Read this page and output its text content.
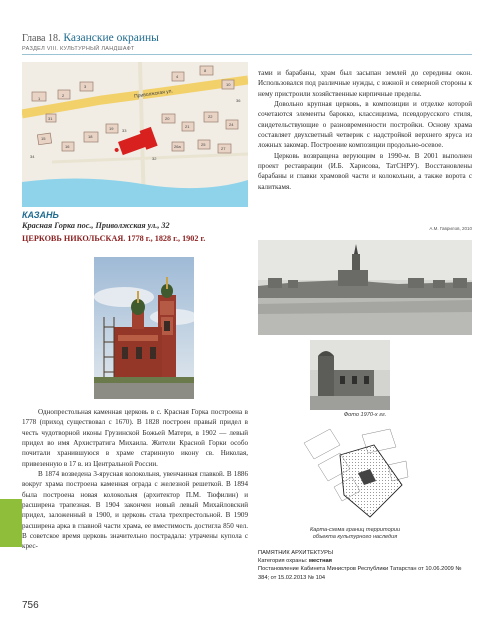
Глава 18. Казанские окраины
РАЗДЕЛ VIII. КУЛЬТУРНЫЙ ЛАНДШАФТ
Приволжская ул.
1
2
3
4
8
10
15
16
18
19
20
21
22
24
26а	25
27
31
32
33
34
36
КАЗАНЬ
Красная Горка пос., Приволжская ул., 32
ЦЕРКОВЬ НИКОЛЬСКАЯ. 1778 г., 1828 г., 1902 г.

Однопрестольная каменная церковь в с. Красная Горка построена в 1778 (приход существовал с 1670). В 1828 построен правый придел в честь чудотворной иконы Грузинской Божьей Матери, в 1902 — левый придел во имя Архистратига Михаила. Жители Красной Горки особо почитали хранившуюся в храме старинную икону св. Николая, привезенную в 17 в. из Центральной России.

В 1874 возведена 3-ярусная колокольня, увенчанная главкой. В 1886 вокруг храма построена каменная ограда с железной решеткой. В 1894 была построена новая колокольня (архитектор П.М. Тюфилин) и расширена трапезная. В 1904 закончен новый левый Михайловский придел, заложенный в 1900, и церковь стала трехпрестольной. В 1909 расширена арка в главной части храма, ее вместимость достигла 850 чел. В советское время церковь значительно пострадала: утрачены купола с крес-

тами и барабаны, храм был засыпан землей до середины окон. Использовался под различные нужды, с южной и северной стороны к нему пристроили хозяйственные кирпичные пределы.

Довольно крупная церковь, в композиции и отделке которой сочетаются элементы барокко, классицизма, псевдорусского стиля, свидетельствующие о разновременности постройки. Основу храма составляет двухсветный четверик с надстройкой верхнего яруса из ложных закомар. Построение композиции продольно-осевое.

Церковь возвращена верующим в 1990-м. В 2001 выполнен проект реставрации (И.Б. Харисова, ТатСНРУ). Восстановлены барабаны и главки храмовой части и колокольни, а также ворота с калиткамя.

А.М. Гаврилов, 2010
Фото 1970-х гг.
Карта-схема границ территории объекта культурного наследия
ПАМЯТНИК АРХИТЕКТУРЫ
Категория охраны: местная
Постановление Кабинета Министров Республики Татарстан от 10.06.2009 № 384; от 15.02.2013 № 104
756
